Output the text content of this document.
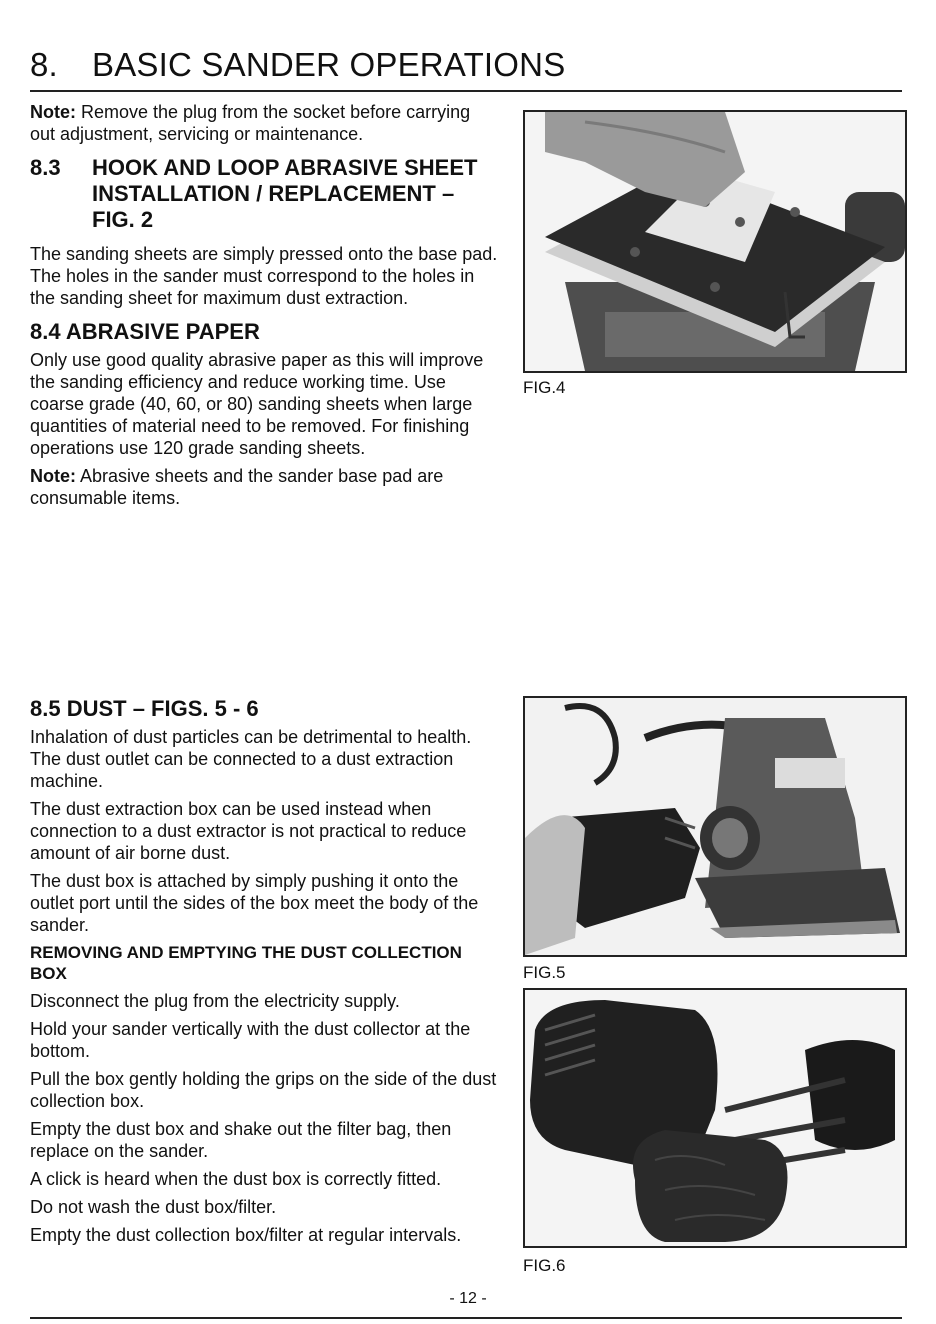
8. BASIC SANDER OPERATIONS

Note: Remove the plug from the socket before carrying out adjustment, servicing or maintenance.

8.3 HOOK AND LOOP ABRASIVE SHEET INSTALLATION / REPLACEMENT – FIG. 2

The sanding sheets are simply pressed onto the base pad. The holes in the sander must correspond to the holes in the sanding sheet for maximum dust extraction.

8.4 ABRASIVE PAPER

Only use good quality abrasive paper as this will improve the sanding efficiency and reduce working time. Use coarse grade (40, 60, or 80) sanding sheets when large quantities of material need to be removed. For finishing operations use 120 grade sanding sheets.

Note: Abrasive sheets and the sander base pad are consumable items.

8.5 DUST – FIGS. 5 - 6

Inhalation of dust particles can be detrimental to health. The dust outlet can be connected to a dust extraction machine.

The dust extraction box can be used instead when connection to a dust extractor is not practical to reduce amount of air borne dust.

The dust box is attached by simply pushing it onto the outlet port until the sides of the box meet the body of the sander.

REMOVING AND EMPTYING THE DUST COLLECTION BOX

Disconnect the plug from the electricity supply.

Hold your sander vertically with the dust collector at the bottom.

Pull the box gently holding the grips on the side of the dust collection box.

Empty the dust box and shake out the filter bag, then replace on the sander.

A click is heard when the dust box is correctly fitted.

Do not wash the dust box/filter.

Empty the dust collection box/filter at regular intervals.

FIG.4
FIG.5
FIG.6
- 12 -
